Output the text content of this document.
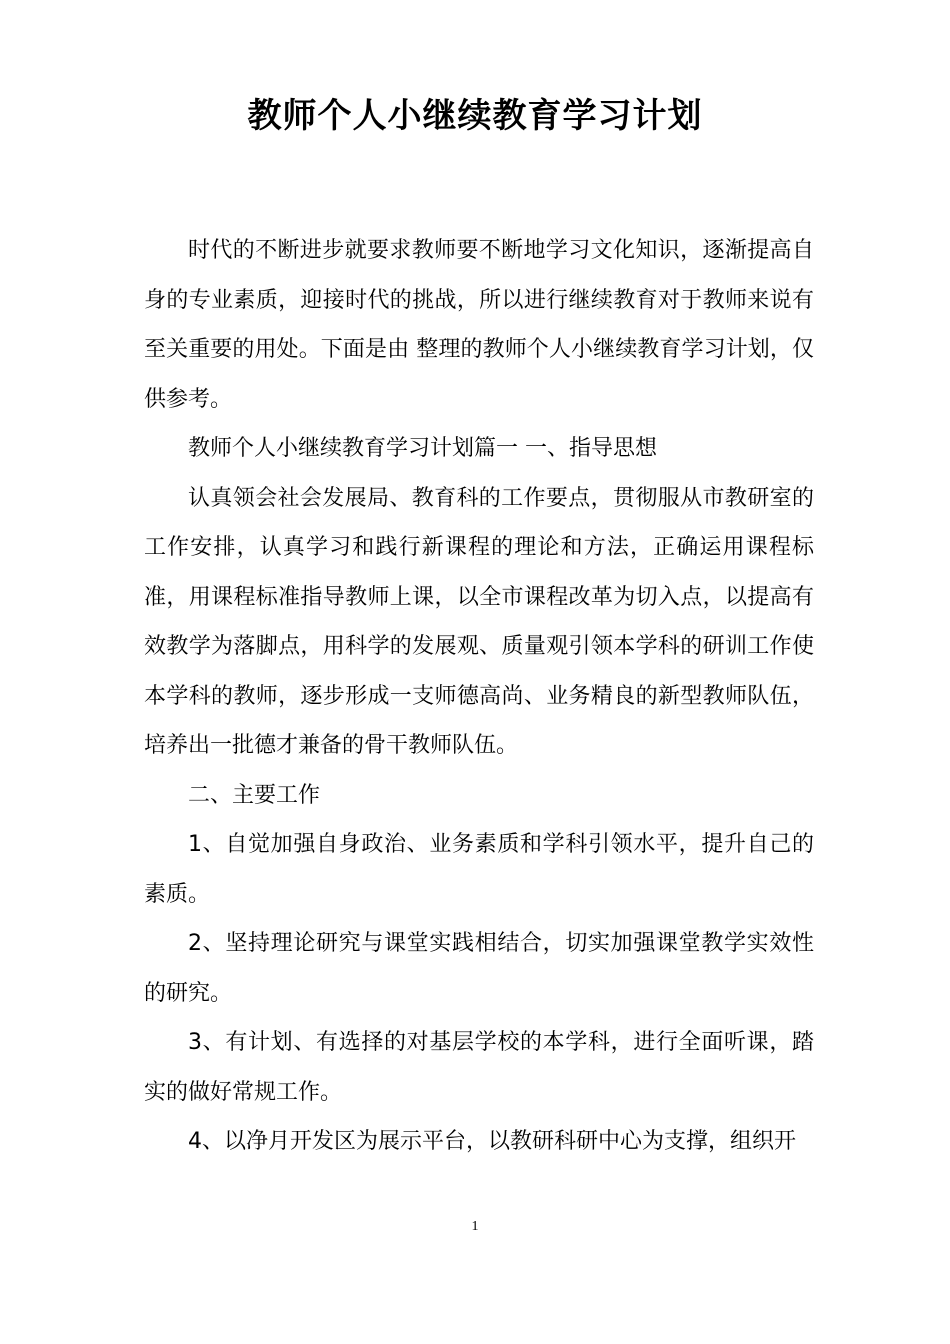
教师个人小继续教育学习计划

时代的不断进步就要求教师要不断地学习文化知识，逐渐提高自身的专业素质，迎接时代的挑战，所以进行继续教育对于教师来说有至关重要的用处。下面是由 整理的教师个人小继续教育学习计划，仅供参考。

教师个人小继续教育学习计划篇一 一、指导思想

认真领会社会发展局、教育科的工作要点，贯彻服从市教研室的工作安排，认真学习和践行新课程的理论和方法，正确运用课程标准，用课程标准指导教师上课，以全市课程改革为切入点，以提高有效教学为落脚点，用科学的发展观、质量观引领本学科的研训工作使本学科的教师，逐步形成一支师德高尚、业务精良的新型教师队伍，培养出一批德才兼备的骨干教师队伍。

二、主要工作

1、自觉加强自身政治、业务素质和学科引领水平，提升自己的素质。

2、坚持理论研究与课堂实践相结合，切实加强课堂教学实效性的研究。

3、有计划、有选择的对基层学校的本学科，进行全面听课，踏实的做好常规工作。

4、以净月开发区为展示平台，以教研科研中心为支撑，组织开

1
